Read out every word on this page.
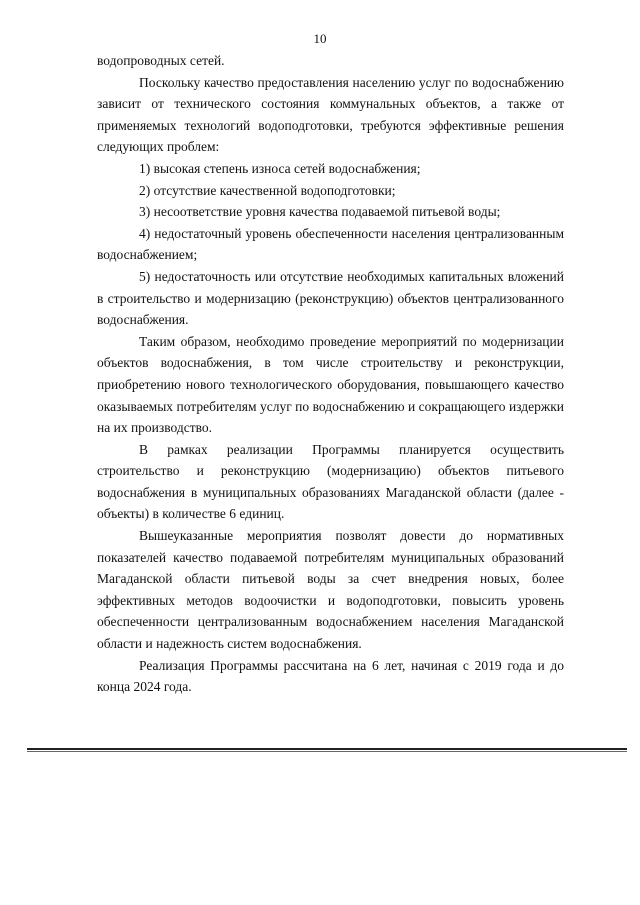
10

водопроводных сетей.

Поскольку качество предоставления населению услуг по водоснабжению зависит от технического состояния коммунальных объектов, а также от применяемых технологий водоподготовки, требуются эффективные решения следующих проблем:

1) высокая степень износа сетей водоснабжения;

2) отсутствие качественной водоподготовки;

3) несоответствие уровня качества подаваемой питьевой воды;

4) недостаточный уровень обеспеченности населения централизованным водоснабжением;

5) недостаточность или отсутствие необходимых капитальных вложений в строительство и модернизацию (реконструкцию) объектов централизованного водоснабжения.

Таким образом, необходимо проведение мероприятий по модернизации объектов водоснабжения, в том числе строительству и реконструкции, приобретению нового технологического оборудования, повышающего качество оказываемых потребителям услуг по водоснабжению и сокращающего издержки на их производство.

В рамках реализации Программы планируется осуществить строительство и реконструкцию (модернизацию) объектов питьевого водоснабжения в муниципальных образованиях Магаданской области (далее - объекты) в количестве 6 единиц.

Вышеуказанные мероприятия позволят довести до нормативных показателей качество подаваемой потребителям муниципальных образований Магаданской области питьевой воды за счет внедрения новых, более эффективных методов водоочистки и водоподготовки, повысить уровень обеспеченности централизованным водоснабжением населения Магаданской области и надежность систем водоснабжения.

Реализация Программы рассчитана на 6 лет, начиная с 2019 года и до конца 2024 года.
